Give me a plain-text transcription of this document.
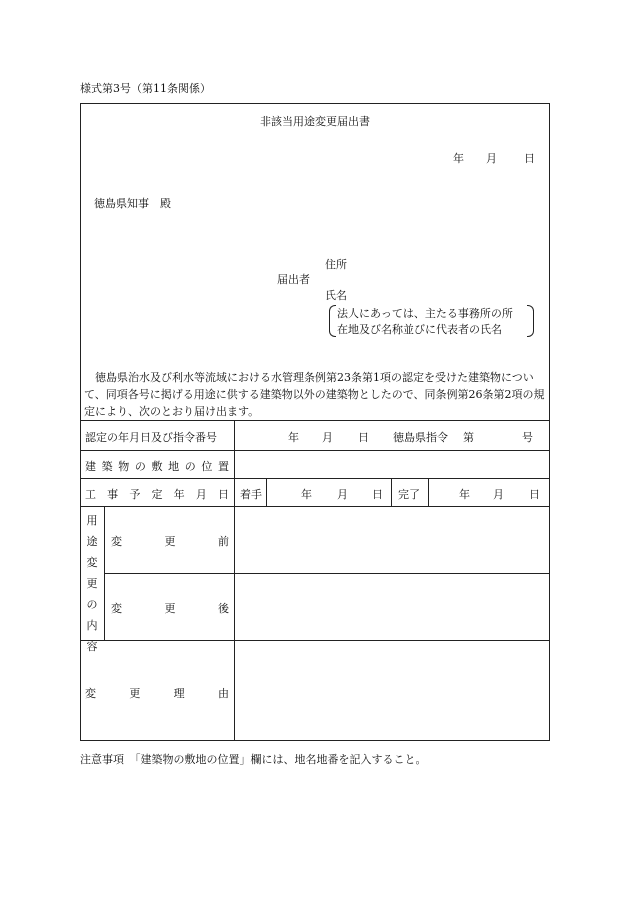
様式第3号（第11条関係）
非該当用途変更届出書
年 月 日
徳島県知事　殿
住所
届出者
氏名
法人にあっては、主たる事務所の所
在地及び名称並びに代表者の氏名
徳島県治水及び利水等流域における水管理条例第23条第1項の認定を受けた建築物について、同項各号に掲げる用途に供する建築物以外の建築物としたので、同条例第26条第2項の規定により、次のとおり届け出ます。
認定の年月日及び指令番号	年 月 日 徳島県指令 第	号
建築物の敷地の位置
工事予定年月日 着手	年 月 日 完了	年 月 日
用途変更の内容
変更前
変更後
変更理由
注意事項　「建築物の敷地の位置」欄には、地名地番を記入すること。
